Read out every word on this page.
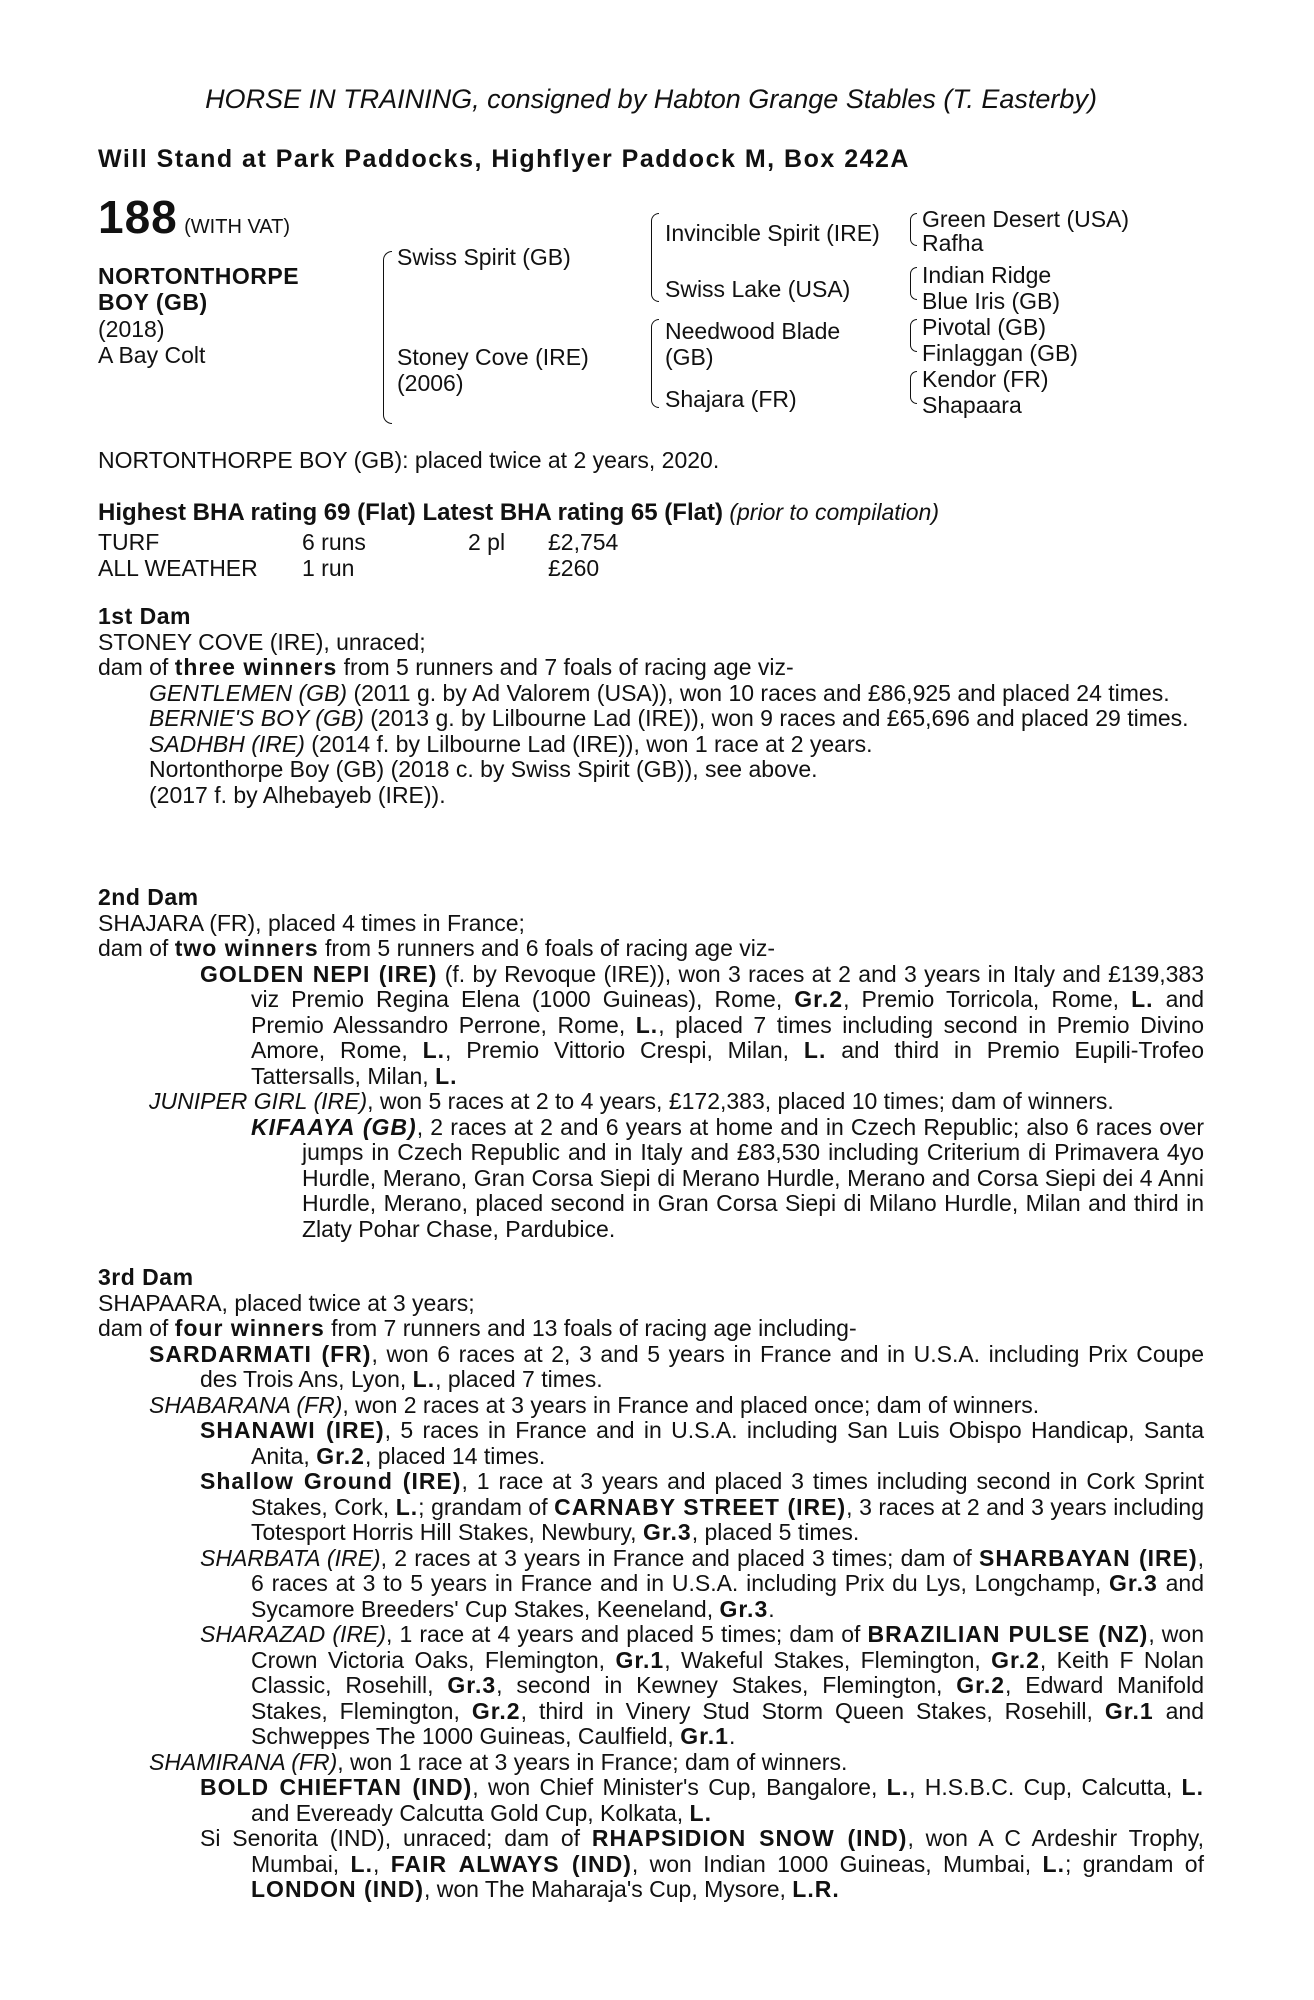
HORSE IN TRAINING, consigned by Habton Grange Stables (T. Easterby)
Will Stand at Park Paddocks, Highflyer Paddock M, Box 242A
188 (WITH VAT)
NORTONTHORPE
BOY (GB)
(2018)
A Bay Colt
Swiss Spirit (GB)
Stoney Cove (IRE)
(2006)
Invincible Spirit (IRE)
Swiss Lake (USA)
Needwood Blade
(GB)
Shajara (FR)
Green Desert (USA)
Rafha
Indian Ridge
Blue Iris (GB)
Pivotal (GB)
Finlaggan (GB)
Kendor (FR)
Shapaara
NORTONTHORPE BOY (GB): placed twice at 2 years, 2020.
Highest BHA rating 69 (Flat) Latest BHA rating 65 (Flat) (prior to compilation)
TURF	6 runs	2 pl £2,754
ALL WEATHER 1 run	£260

1st Dam

STONEY COVE (IRE), unraced;

dam of three winners from 5 runners and 7 foals of racing age viz-

GENTLEMEN (GB) (2011 g. by Ad Valorem (USA)), won 10 races and £86,925 and placed 24 times.

BERNIE'S BOY (GB) (2013 g. by Lilbourne Lad (IRE)), won 9 races and £65,696 and placed 29 times.

SADHBH (IRE) (2014 f. by Lilbourne Lad (IRE)), won 1 race at 2 years.

Nortonthorpe Boy (GB) (2018 c. by Swiss Spirit (GB)), see above.

(2017 f. by Alhebayeb (IRE)).

2nd Dam

SHAJARA (FR), placed 4 times in France;

dam of two winners from 5 runners and 6 foals of racing age viz-

GOLDEN NEPI (IRE) (f. by Revoque (IRE)), won 3 races at 2 and 3 years in Italy and £139,383 viz Premio Regina Elena (1000 Guineas), Rome, Gr.2, Premio Torricola, Rome, L. and Premio Alessandro Perrone, Rome, L., placed 7 times including second in Premio Divino Amore, Rome, L., Premio Vittorio Crespi, Milan, L. and third in Premio Eupili-Trofeo Tattersalls, Milan, L.

JUNIPER GIRL (IRE), won 5 races at 2 to 4 years, £172,383, placed 10 times; dam of winners.

KIFAAYA (GB), 2 races at 2 and 6 years at home and in Czech Republic; also 6 races over jumps in Czech Republic and in Italy and £83,530 including Criterium di Primavera 4yo Hurdle, Merano, Gran Corsa Siepi di Merano Hurdle, Merano and Corsa Siepi dei 4 Anni Hurdle, Merano, placed second in Gran Corsa Siepi di Milano Hurdle, Milan and third in Zlaty Pohar Chase, Pardubice.

3rd Dam

SHAPAARA, placed twice at 3 years;

dam of four winners from 7 runners and 13 foals of racing age including-

SARDARMATI (FR), won 6 races at 2, 3 and 5 years in France and in U.S.A. including Prix Coupe des Trois Ans, Lyon, L., placed 7 times.

SHABARANA (FR), won 2 races at 3 years in France and placed once; dam of winners.

SHANAWI (IRE), 5 races in France and in U.S.A. including San Luis Obispo Handicap, Santa Anita, Gr.2, placed 14 times.

Shallow Ground (IRE), 1 race at 3 years and placed 3 times including second in Cork Sprint Stakes, Cork, L.; grandam of CARNABY STREET (IRE), 3 races at 2 and 3 years including Totesport Horris Hill Stakes, Newbury, Gr.3, placed 5 times.

SHARBATA (IRE), 2 races at 3 years in France and placed 3 times; dam of SHARBAYAN (IRE), 6 races at 3 to 5 years in France and in U.S.A. including Prix du Lys, Longchamp, Gr.3 and Sycamore Breeders' Cup Stakes, Keeneland, Gr.3.

SHARAZAD (IRE), 1 race at 4 years and placed 5 times; dam of BRAZILIAN PULSE (NZ), won Crown Victoria Oaks, Flemington, Gr.1, Wakeful Stakes, Flemington, Gr.2, Keith F Nolan Classic, Rosehill, Gr.3, second in Kewney Stakes, Flemington, Gr.2, Edward Manifold Stakes, Flemington, Gr.2, third in Vinery Stud Storm Queen Stakes, Rosehill, Gr.1 and Schweppes The 1000 Guineas, Caulfield, Gr.1.

SHAMIRANA (FR), won 1 race at 3 years in France; dam of winners.

BOLD CHIEFTAN (IND), won Chief Minister's Cup, Bangalore, L., H.S.B.C. Cup, Calcutta, L. and Eveready Calcutta Gold Cup, Kolkata, L.

Si Senorita (IND), unraced; dam of RHAPSIDION SNOW (IND), won A C Ardeshir Trophy, Mumbai, L., FAIR ALWAYS (IND), won Indian 1000 Guineas, Mumbai, L.; grandam of LONDON (IND), won The Maharaja's Cup, Mysore, L.R.
